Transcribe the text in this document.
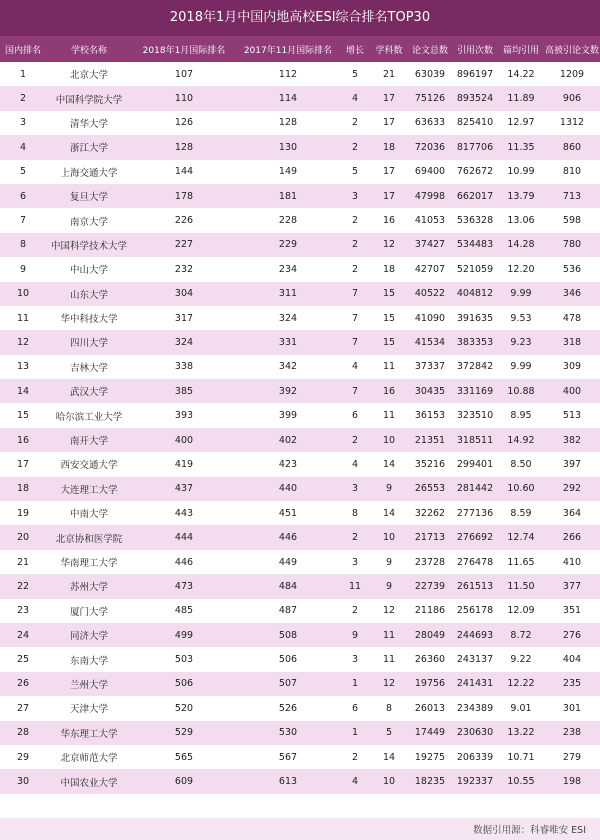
2018年1月中国内地高校ESI综合排名TOP30
国内排名	学校名称	2018年1月国际排名	2017年11月国际排名	增长	学科数	论文总数	引用次数	篇均引用	高被引论文数
1	北京大学	107	112	5	21	63039	896197	14.22	1209
2	中国科学院大学	110	114	4	17	75126	893524	11.89	906
3	清华大学	126	128	2	17	63633	825410	12.97	1312
4	浙江大学	128	130	2	18	72036	817706	11.35	860
5	上海交通大学	144	149	5	17	69400	762672	10.99	810
6	复旦大学	178	181	3	17	47998	662017	13.79	713
7	南京大学	226	228	2	16	41053	536328	13.06	598
8	中国科学技术大学	227	229	2	12	37427	534483	14.28	780
9	中山大学	232	234	2	18	42707	521059	12.20	536
10	山东大学	304	311	7	15	40522	404812	9.99	346
11	华中科技大学	317	324	7	15	41090	391635	9.53	478
12	四川大学	324	331	7	15	41534	383353	9.23	318
13	吉林大学	338	342	4	11	37337	372842	9.99	309
14	武汉大学	385	392	7	16	30435	331169	10.88	400
15	哈尔滨工业大学	393	399	6	11	36153	323510	8.95	513
16	南开大学	400	402	2	10	21351	318511	14.92	382
17	西安交通大学	419	423	4	14	35216	299401	8.50	397
18	大连理工大学	437	440	3	9	26553	281442	10.60	292
19	中南大学	443	451	8	14	32262	277136	8.59	364
20	北京协和医学院	444	446	2	10	21713	276692	12.74	266
21	华南理工大学	446	449	3	9	23728	276478	11.65	410
22	苏州大学	473	484	11	9	22739	261513	11.50	377
23	厦门大学	485	487	2	12	21186	256178	12.09	351
24	同济大学	499	508	9	11	28049	244693	8.72	276
25	东南大学	503	506	3	11	26360	243137	9.22	404
26	兰州大学	506	507	1	12	19756	241431	12.22	235
27	天津大学	520	526	6	8	26013	234389	9.01	301
28	华东理工大学	529	530	1	5	17449	230630	13.22	238
29	北京师范大学	565	567	2	14	19275	206339	10.71	279
30	中国农业大学	609	613	4	10	18235	192337	10.55	198
数据引用源：科睿唯安 ESI
